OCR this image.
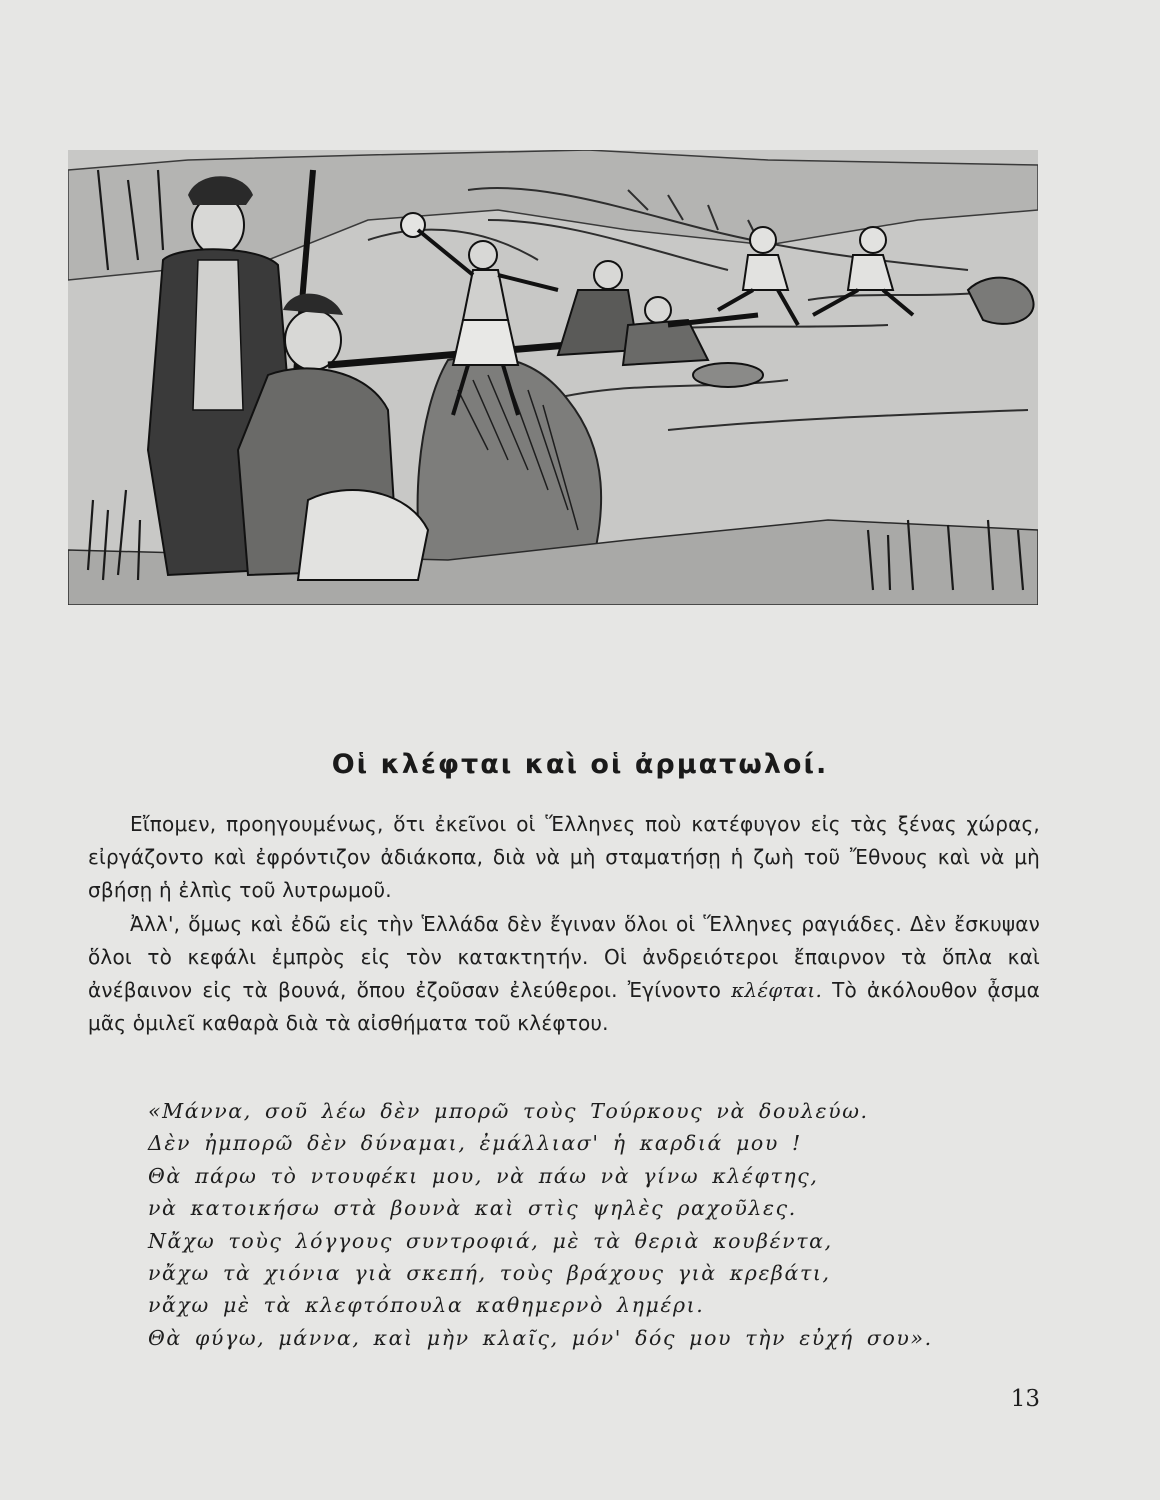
Οἱ κλέφται καὶ οἱ ἀρματωλοί.

Εἴπομεν, προηγουμένως, ὅτι ἐκεῖνοι οἱ Ἕλληνες ποὺ κατέφυγον εἰς τὰς ξένας χώρας, εἰργάζοντο καὶ ἐφρόντιζον ἀδιάκοπα, διὰ νὰ μὴ σταματήσῃ ἡ ζωὴ τοῦ Ἔθνους καὶ νὰ μὴ σβήσῃ ἡ ἐλπὶς τοῦ λυτρωμοῦ.

Ἀλλ', ὅμως καὶ ἐδῶ εἰς τὴν Ἑλλάδα δὲν ἔγιναν ὅλοι οἱ Ἕλληνες ραγιάδες. Δὲν ἔσκυψαν ὅλοι τὸ κεφάλι ἐμπρὸς εἰς τὸν κατακτητήν. Οἱ ἀνδρειότεροι ἔπαιρνον τὰ ὅπλα καὶ ἀνέβαινον εἰς τὰ βουνά, ὅπου ἐζοῦσαν ἐλεύθεροι. Ἐγίνοντο κλέφται. Τὸ ἀκόλουθον ᾆσμα μᾶς ὁμιλεῖ καθαρὰ διὰ τὰ αἰσθήματα τοῦ κλέφτου.

«Μάννα, σοῦ λέω δὲν μπορῶ τοὺς Τούρκους νὰ δουλεύω.
Δὲν ἠμπορῶ δὲν δύναμαι, ἐμάλλιασ' ἡ καρδιά μου !
Θὰ πάρω τὸ ντουφέκι μου, νὰ πάω νὰ γίνω κλέφτης,
νὰ κατοικήσω στὰ βουνὰ καὶ στὶς ψηλὲς ραχοῦλες.
Νἄχω τοὺς λόγγους συντροφιά, μὲ τὰ θεριὰ κουβέντα,
νἄχω τὰ χιόνια γιὰ σκεπή, τοὺς βράχους γιὰ κρεβάτι,
νἄχω μὲ τὰ κλεφτόπουλα καθημερνὸ λημέρι.
Θὰ φύγω, μάννα, καὶ μὴν κλαῖς, μόν' δός μου τὴν εὐχή σου».
13
